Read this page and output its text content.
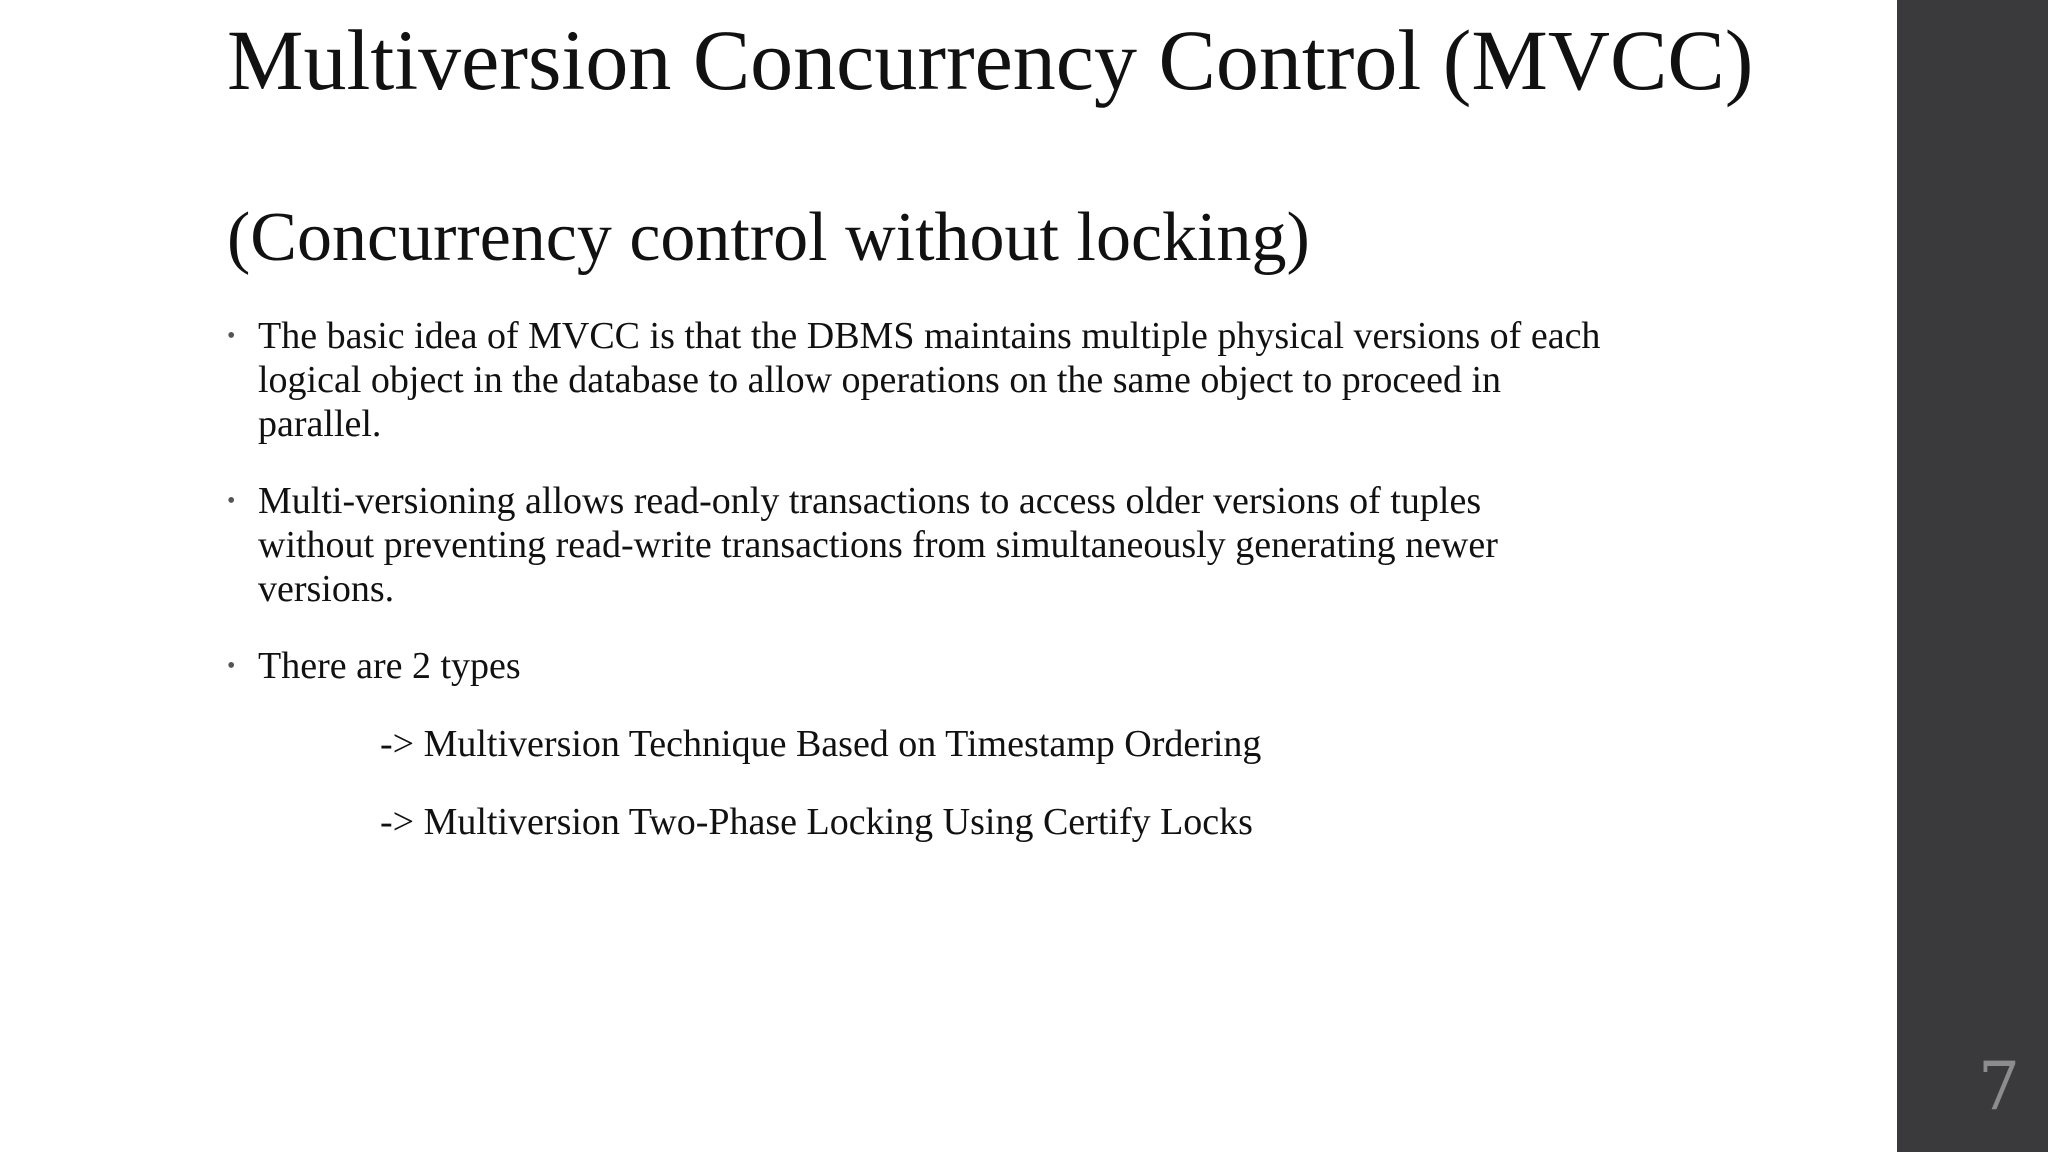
Multiversion Concurrency Control (MVCC)
(Concurrency control without locking)
• The basic idea of MVCC is that the DBMS maintains multiple physical versions of each logical object in the database to allow operations on the same object to proceed in parallel.
• Multi-versioning allows read-only transactions to access older versions of tuples without preventing read-write transactions from simultaneously generating newer versions.
• There are 2 types
-> Multiversion Technique Based on Timestamp Ordering
-> Multiversion Two-Phase Locking Using Certify Locks
7
